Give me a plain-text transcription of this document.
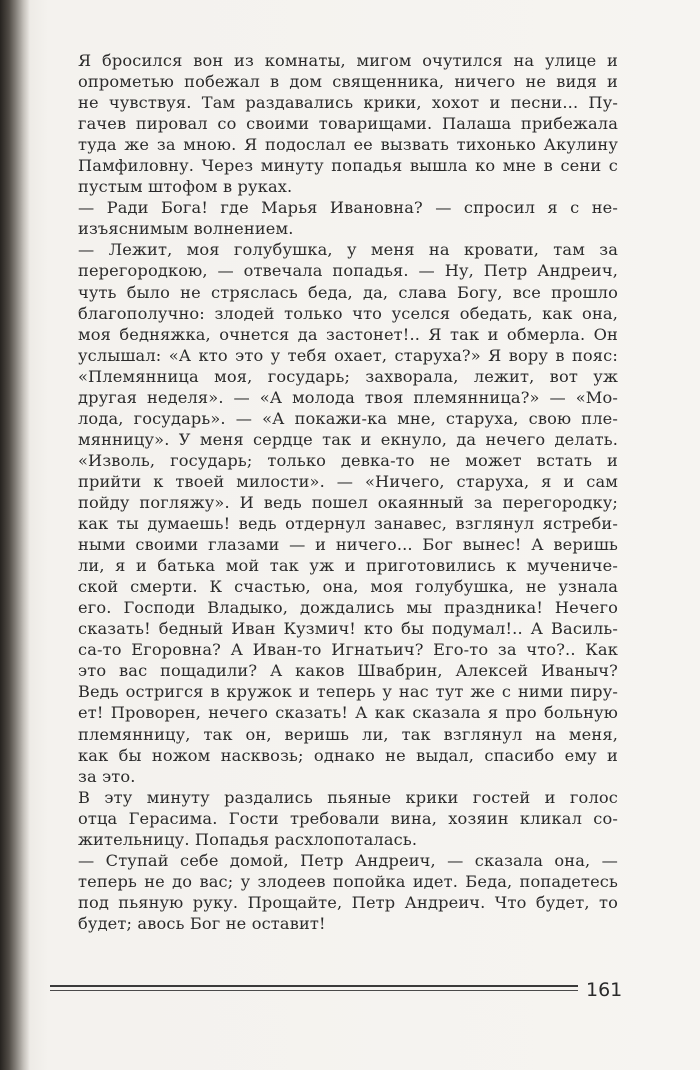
Я бросился вон из комнаты, мигом очутился на улице и
опрометью побежал в дом священника, ничего не видя и
не чувствуя. Там раздавались крики, хохот и песни... Пу-
гачев пировал со своими товарищами. Палаша прибежала
туда же за мною. Я подослал ее вызвать тихонько Акулину
Памфиловну. Через минуту попадья вышла ко мне в сени с
пустым штофом в руках.

— Ради Бога! где Марья Ивановна? — спросил я с не-
изъяснимым волнением.

— Лежит, моя голубушка, у меня на кровати, там за
перегородкою, — отвечала попадья. — Ну, Петр Андреич,
чуть было не стряслась беда, да, слава Богу, все прошло
благополучно: злодей только что уселся обедать, как она,
моя бедняжка, очнется да застонет!.. Я так и обмерла. Он
услышал: «А кто это у тебя охает, старуха?» Я вору в пояс:
«Племянница моя, государь; захворала, лежит, вот уж
другая неделя». — «А молода твоя племянница?» — «Мо-
лода, государь». — «А покажи-ка мне, старуха, свою пле-
мянницу». У меня сердце так и екнуло, да нечего делать.
«Изволь, государь; только девка-то не может встать и
прийти к твоей милости». — «Ничего, старуха, я и сам
пойду погляжу». И ведь пошел окаянный за перегородку;
как ты думаешь! ведь отдернул занавес, взглянул ястреби-
ными своими глазами — и ничего... Бог вынес! А веришь
ли, я и батька мой так уж и приготовились к мучениче-
ской смерти. К счастью, она, моя голубушка, не узнала
его. Господи Владыко, дождались мы праздника! Нечего
сказать! бедный Иван Кузмич! кто бы подумал!.. А Василь-
са-то Егоровна? А Иван-то Игнатьич? Его-то за что?.. Как
это вас пощадили? А каков Швабрин, Алексей Иваныч?
Ведь остригся в кружок и теперь у нас тут же с ними пиру-
ет! Проворен, нечего сказать! А как сказала я про больную
племянницу, так он, веришь ли, так взглянул на меня,
как бы ножом насквозь; однако не выдал, спасибо ему и
за это.

В эту минуту раздались пьяные крики гостей и голос
отца Герасима. Гости требовали вина, хозяин кликал со-
жительницу. Попадья расхлопоталась.

— Ступай себе домой, Петр Андреич, — сказала она, —
теперь не до вас; у злодеев попойка идет. Беда, попадетесь
под пьяную руку. Прощайте, Петр Андреич. Что будет, то
будет; авось Бог не оставит!

161
